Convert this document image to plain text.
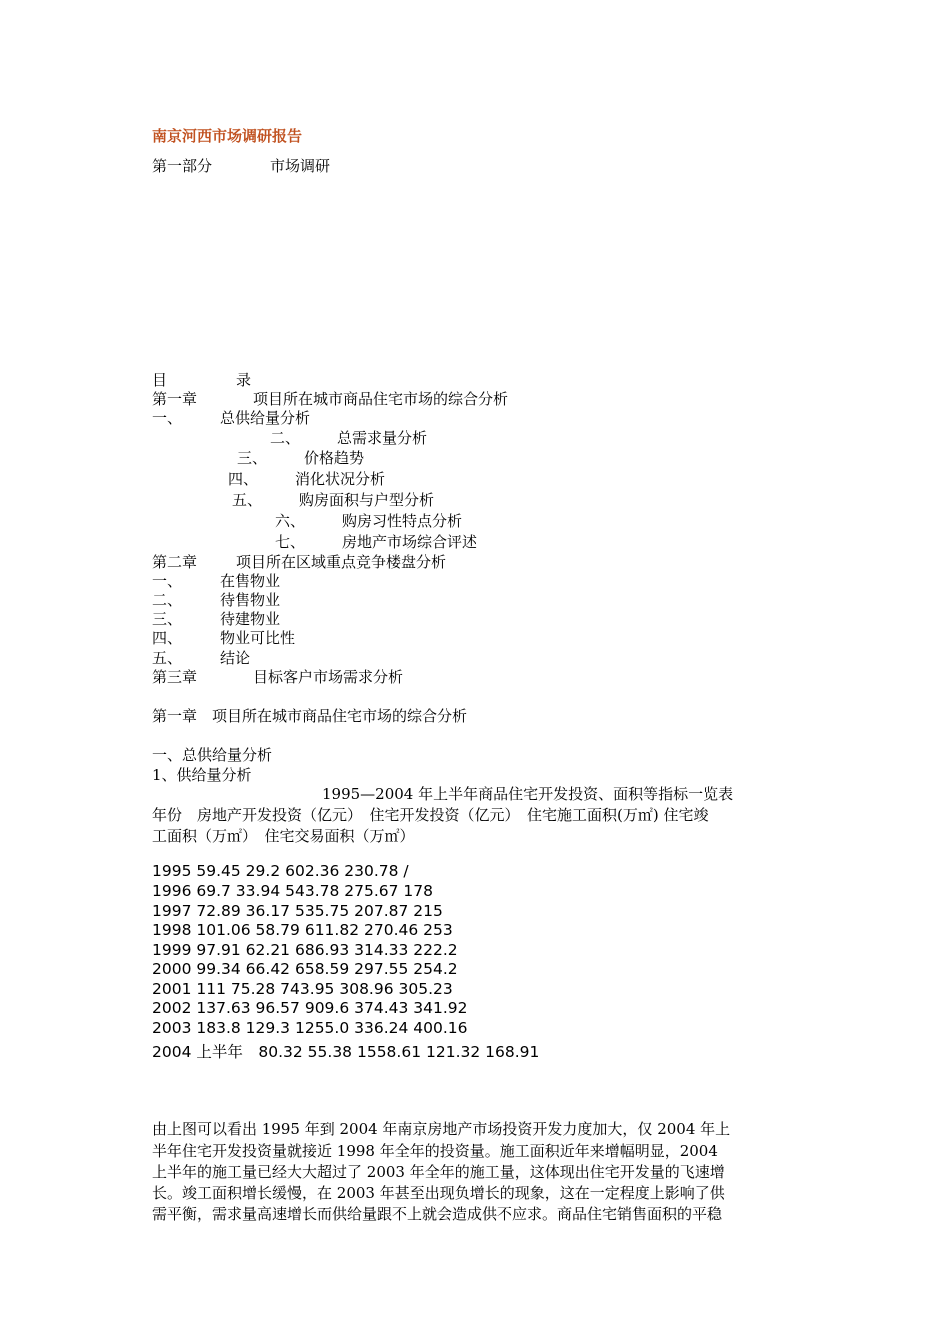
南京河西市场调研报告
第一部分	市场调研
目	录
第一章	项目所在城市商品住宅市场的综合分析
一、	总供给量分析
二、 总需求量分析
三、 价格趋势
四、 消化状况分析
五、 购房面积与户型分析
六、 购房习性特点分析
七、 房地产市场综合评述
第二章	项目所在区域重点竞争楼盘分析
一、	在售物业
二、	待售物业
三、	待建物业
四、	物业可比性
五、	结论
第三章	目标客户市场需求分析
第一章　项目所在城市商品住宅市场的综合分析
一、总供给量分析
1、供给量分析
1995—2004 年上半年商品住宅开发投资、面积等指标一览表
年份　房地产开发投资（亿元）　住宅开发投资（亿元）　住宅施工面积(万㎡) 住宅竣
工面积（万㎡）　住宅交易面积（万㎡）
1995 59.45 29.2 602.36 230.78 /
1996 69.7 33.94 543.78 275.67 178
1997 72.89 36.17 535.75 207.87 215
1998 101.06 58.79 611.82 270.46 253
1999 97.91 62.21 686.93 314.33 222.2
2000 99.34 66.42 658.59 297.55 254.2
2001 111 75.28 743.95 308.96 305.23
2002 137.63 96.57 909.6 374.43 341.92
2003 183.8 129.3 1255.0 336.24 400.16
2004 上半年　80.32 55.38 1558.61 121.32 168.91
由上图可以看出 1995 年到 2004 年南京房地产市场投资开发力度加大，仅 2004 年上
半年住宅开发投资量就接近 1998 年全年的投资量。施工面积近年来增幅明显，2004
上半年的施工量已经大大超过了 2003 年全年的施工量，这体现出住宅开发量的飞速增
长。竣工面积增长缓慢，在 2003 年甚至出现负增长的现象，这在一定程度上影响了供
需平衡，需求量高速增长而供给量跟不上就会造成供不应求。商品住宅销售面积的平稳
